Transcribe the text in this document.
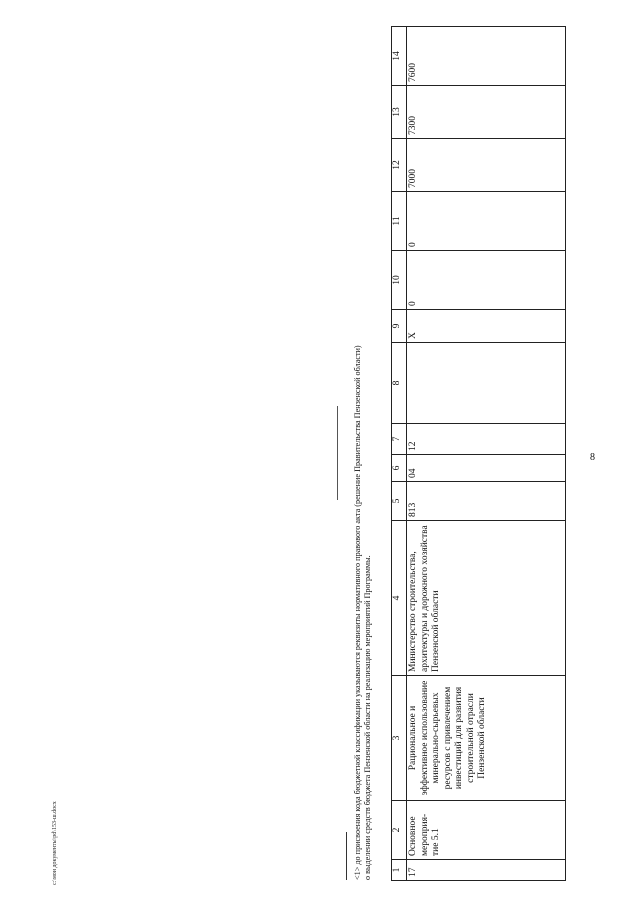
8
1	2	3	4	5	6	7	8	9	10	11	12	13	14
17	Основное мероприя-тие 5.1	Рациональное и эффективное использование минерально-сырьевых ресурсов с привлечением инвестиций для развития строительной отрасли Пензенской области	Министерство строительства, архитектуры и дорожного хозяйства Пензенской области	813	04	12		X	0	0	7000	7300	7600
<1> до присвоения кода бюджетной классификации указываются реквизиты нормативного правового акта (решение Правительства Пензенской области) о выделении средств бюджета Пензенской области на реализацию мероприятий Программы.
c:\мои документы\pd\153-ш.docx
